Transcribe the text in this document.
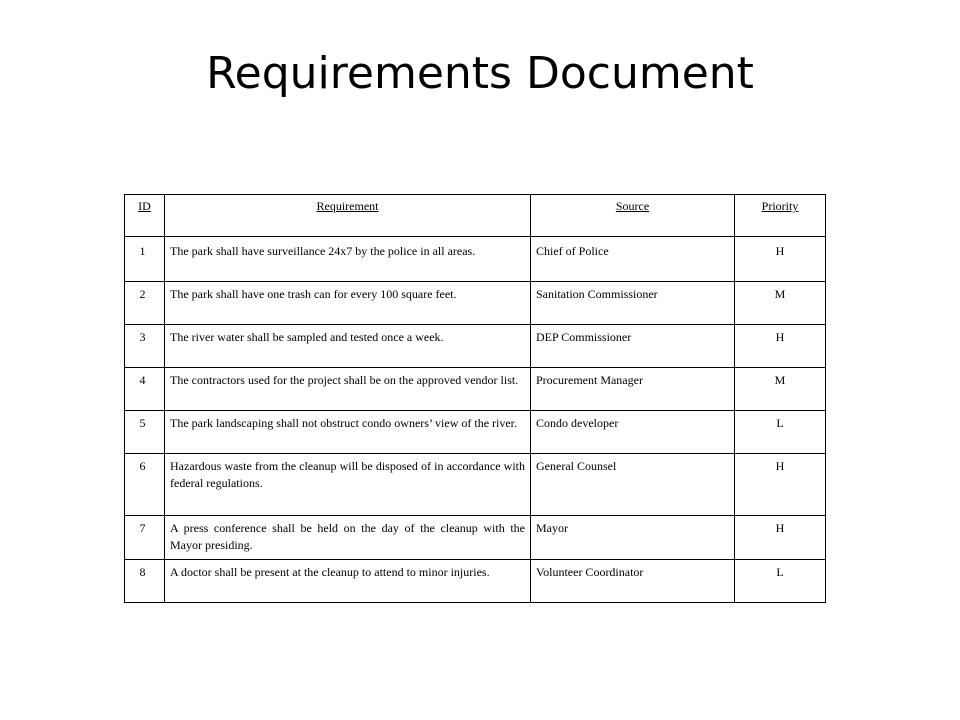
Requirements Document
ID	Requirement	Source	Priority
1	The park shall have surveillance 24x7 by the police in all areas.	Chief of Police	H
2	The park shall have one trash can for every 100 square feet.	Sanitation Commissioner	M
3	The river water shall be sampled and tested once a week.	DEP Commissioner	H
4	The contractors used for the project shall be on the approved vendor list.	Procurement Manager	M
5	The park landscaping shall not obstruct condo owners’ view of the river.	Condo developer	L
6	Hazardous waste from the cleanup will be disposed of in accordance with federal regulations.	General Counsel	H
7	A press conference shall be held on the day of the cleanup with the Mayor presiding.	Mayor	H
8	A doctor shall be present at the cleanup to attend to minor injuries.	Volunteer Coordinator	L
